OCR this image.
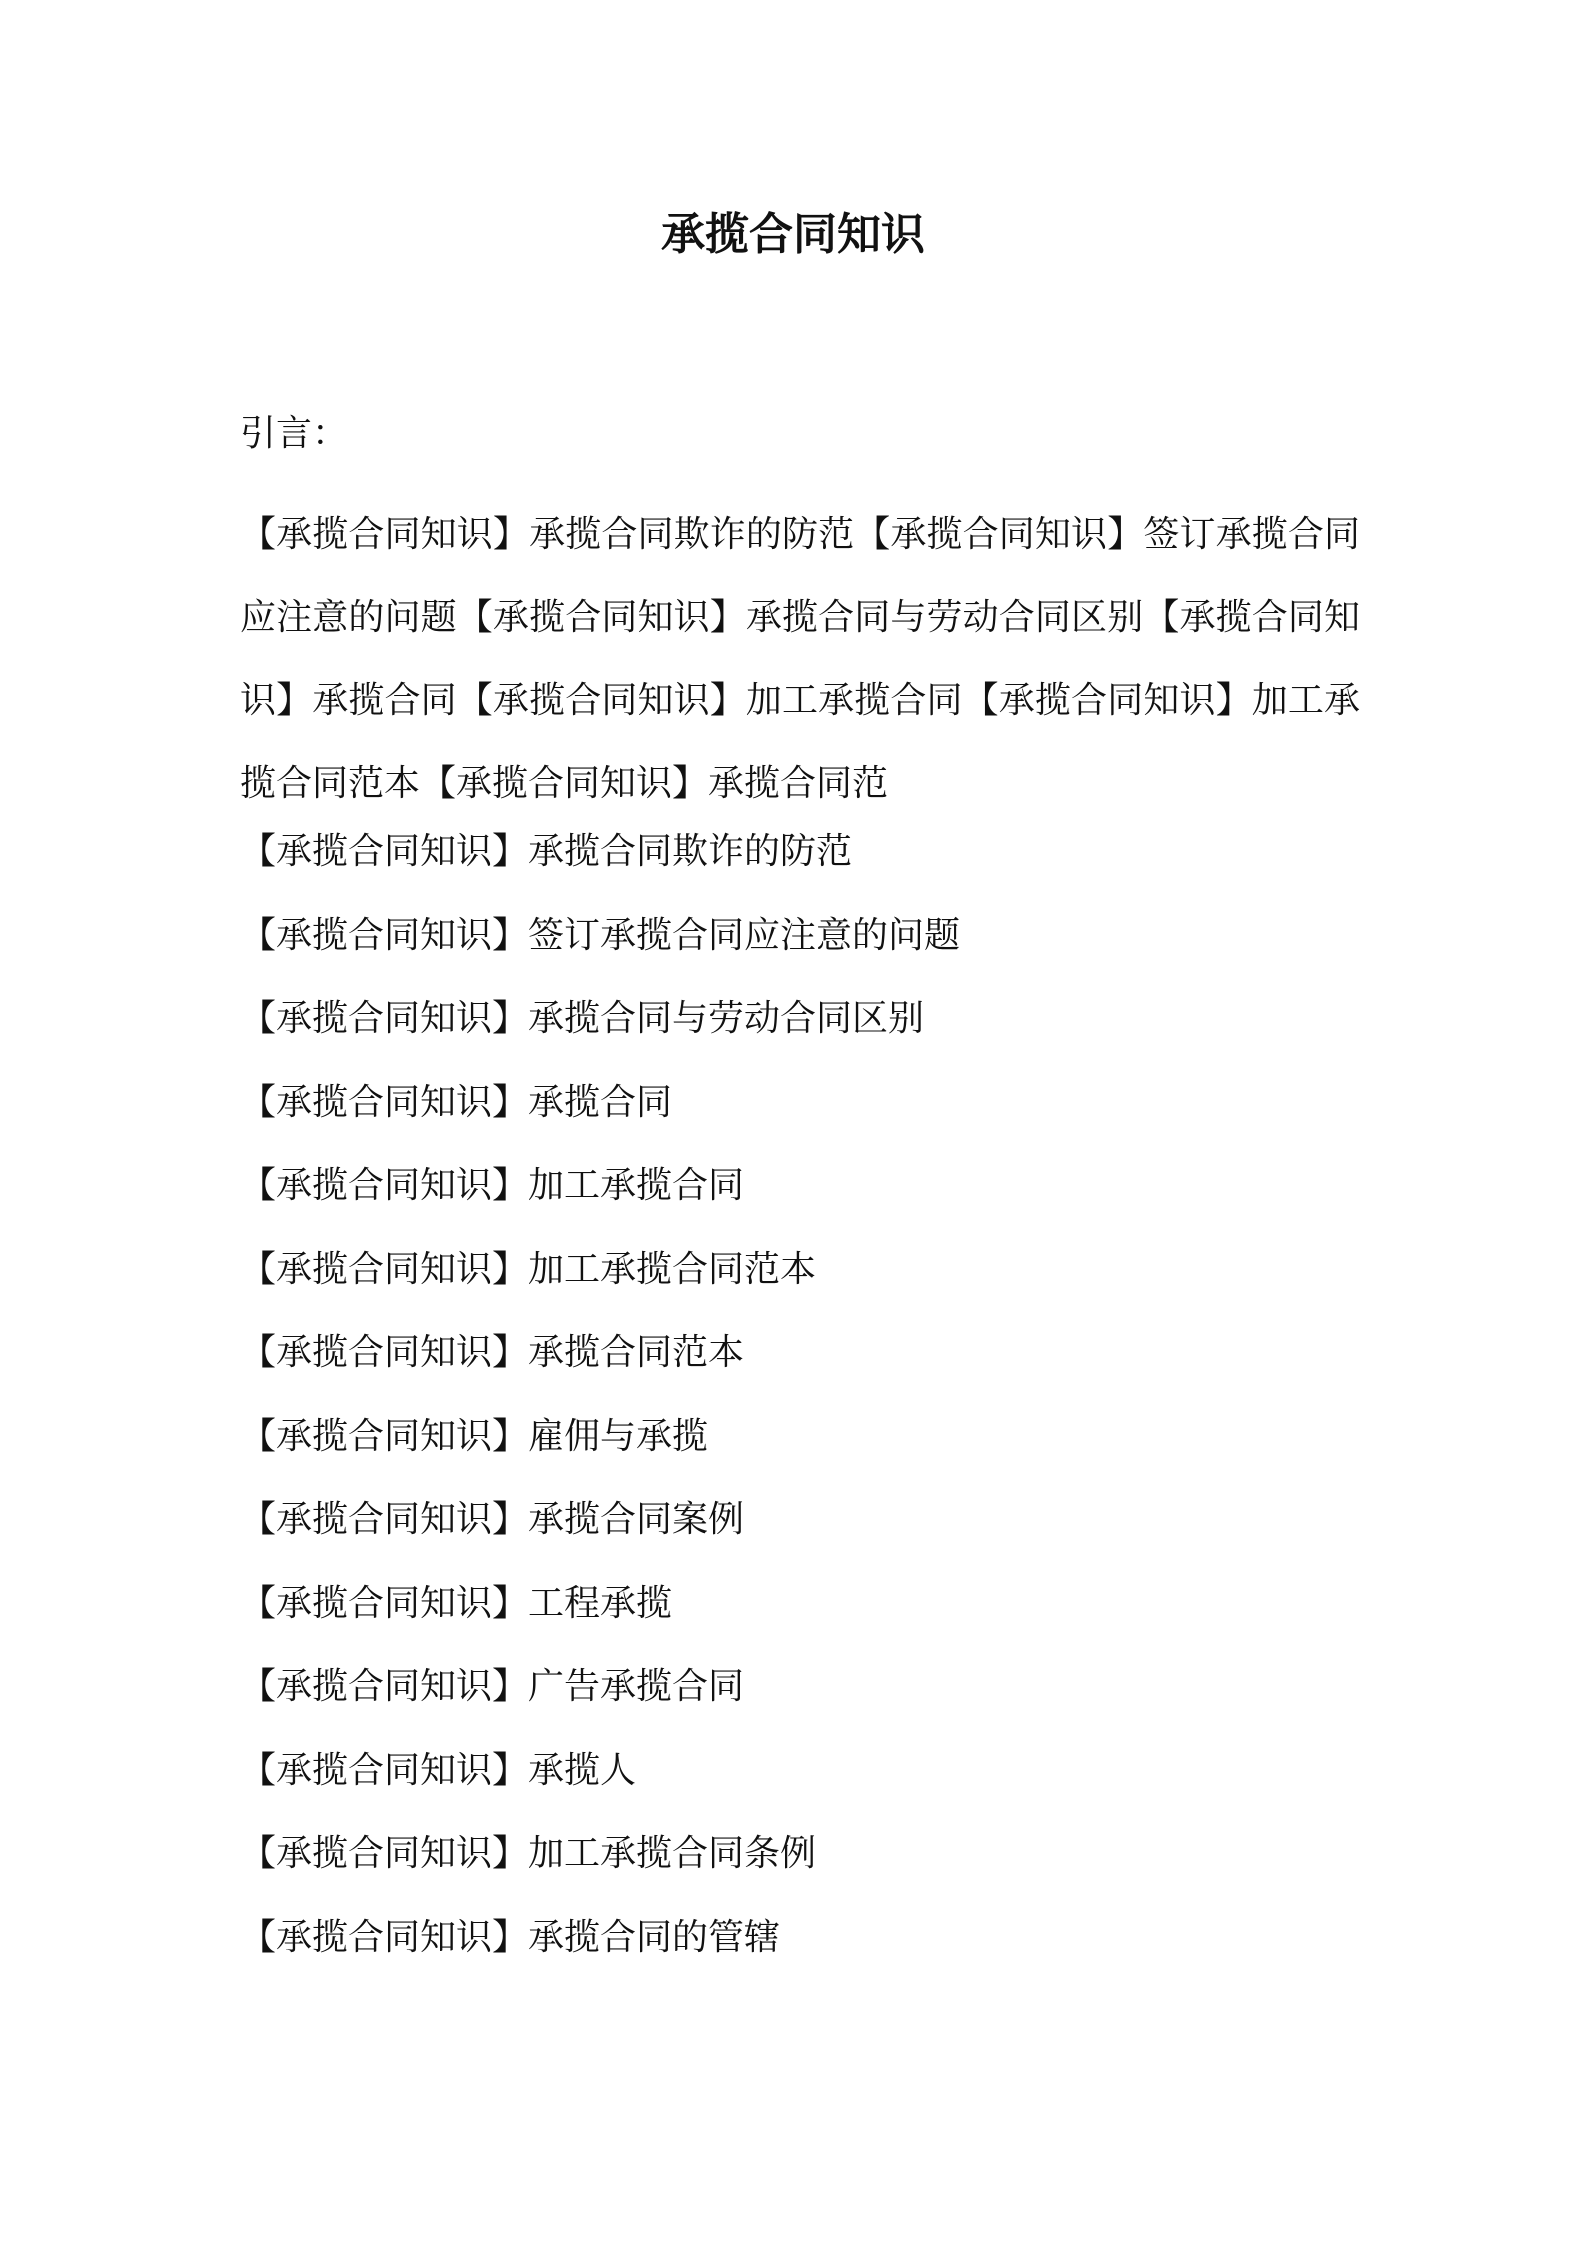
承揽合同知识

引言：

【承揽合同知识】承揽合同欺诈的防范【承揽合同知识】签订承揽合同应注意的问题【承揽合同知识】承揽合同与劳动合同区别【承揽合同知识】承揽合同【承揽合同知识】加工承揽合同【承揽合同知识】加工承揽合同范本【承揽合同知识】承揽合同范

【承揽合同知识】承揽合同欺诈的防范
【承揽合同知识】签订承揽合同应注意的问题
【承揽合同知识】承揽合同与劳动合同区别
【承揽合同知识】承揽合同
【承揽合同知识】加工承揽合同
【承揽合同知识】加工承揽合同范本
【承揽合同知识】承揽合同范本
【承揽合同知识】雇佣与承揽
【承揽合同知识】承揽合同案例
【承揽合同知识】工程承揽
【承揽合同知识】广告承揽合同
【承揽合同知识】承揽人
【承揽合同知识】加工承揽合同条例
【承揽合同知识】承揽合同的管辖
